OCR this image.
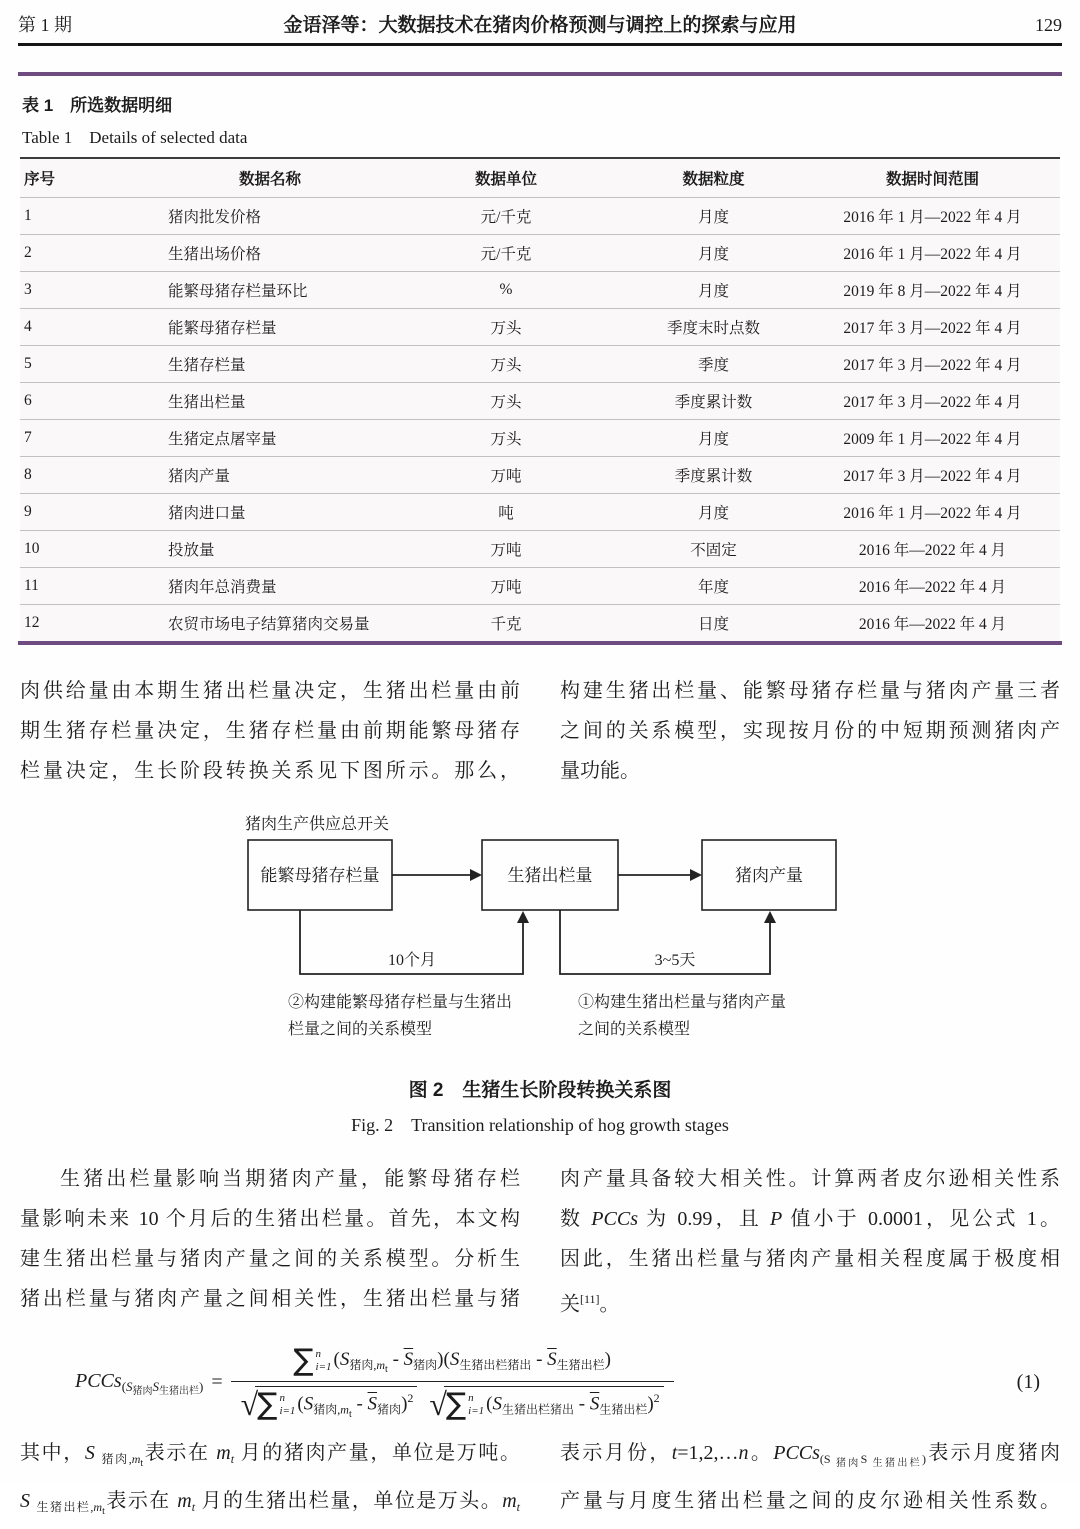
第 1 期	金语泽等：大数据技术在猪肉价格预测与调控上的探索与应用	129
表 1　所选数据明细
Table 1　Details of selected data
序号	数据名称	数据单位	数据粒度	数据时间范围
1	猪肉批发价格	元/千克	月度	2016 年 1 月—2022 年 4 月
2	生猪出场价格	元/千克	月度	2016 年 1 月—2022 年 4 月
3	能繁母猪存栏量环比	%	月度	2019 年 8 月—2022 年 4 月
4	能繁母猪存栏量	万头	季度末时点数	2017 年 3 月—2022 年 4 月
5	生猪存栏量	万头	季度	2017 年 3 月—2022 年 4 月
6	生猪出栏量	万头	季度累计数	2017 年 3 月—2022 年 4 月
7	生猪定点屠宰量	万头	月度	2009 年 1 月—2022 年 4 月
8	猪肉产量	万吨	季度累计数	2017 年 3 月—2022 年 4 月
9	猪肉进口量	吨	月度	2016 年 1 月—2022 年 4 月
10	投放量	万吨	不固定	2016 年—2022 年 4 月
11	猪肉年总消费量	万吨	年度	2016 年—2022 年 4 月
12	农贸市场电子结算猪肉交易量	千克	日度	2016 年—2022 年 4 月
肉供给量由本期生猪出栏量决定，生猪出栏量由前
期生猪存栏量决定，生猪存栏量由前期能繁母猪存
栏量决定，生长阶段转换关系见下图所示。那么，
构建生猪出栏量、能繁母猪存栏量与猪肉产量三者
之间的关系模型，实现按月份的中短期预测猪肉产
量功能。
猪肉生产供应总开关
能繁母猪存栏量	生猪出栏量	猪肉产量
10个月	3~5天
②构建能繁母猪存栏量与生猪出
栏量之间的关系模型
①构建生猪出栏量与猪肉产量
之间的关系模型
图 2　生猪生长阶段转换关系图
Fig. 2　Transition relationship of hog growth stages
生猪出栏量影响当期猪肉产量，能繁母猪存栏
量影响未来 10 个月后的生猪出栏量。首先，本文构
建生猪出栏量与猪肉产量之间的关系模型。分析生
猪出栏量与猪肉产量之间相关性，生猪出栏量与猪
肉产量具备较大相关性。计算两者皮尔逊相关性系
数 PCCs 为 0.99，且 P 值小于 0.0001，见公式 1。
因此，生猪出栏量与猪肉产量相关程度属于极度相
关[11]。
PCCs$_{(S猪肉S生猪出栏)}$ =
∑ n
i=1 $(S_{猪肉,mt} - \overline{S}_{猪肉})(S_{生猪出栏猪出} - \overline{S}_{生猪出栏})$
√ ∑ n
i=1 $(S_{猪肉,mt} - \overline{S}_{猪肉})^2$ √ ∑ n
i=1 $(S_{生猪出栏猪出} - \overline{S}_{生猪出栏})^2$
(1)
其中，S $_{猪肉,mt}$表示在 $m_t$ 月的猪肉产量，单位是万吨。
S $_{生猪出栏,mt}$表示在 $m_t$ 月的生猪出栏量，单位是万头。$m_t$
表示月份，t=1,2,…n。PCCs$_{(S}$ $_{猪肉S}$ $_{生猪出栏)}$表示月度猪肉
产量与月度生猪出栏量之间的皮尔逊相关性系数。
